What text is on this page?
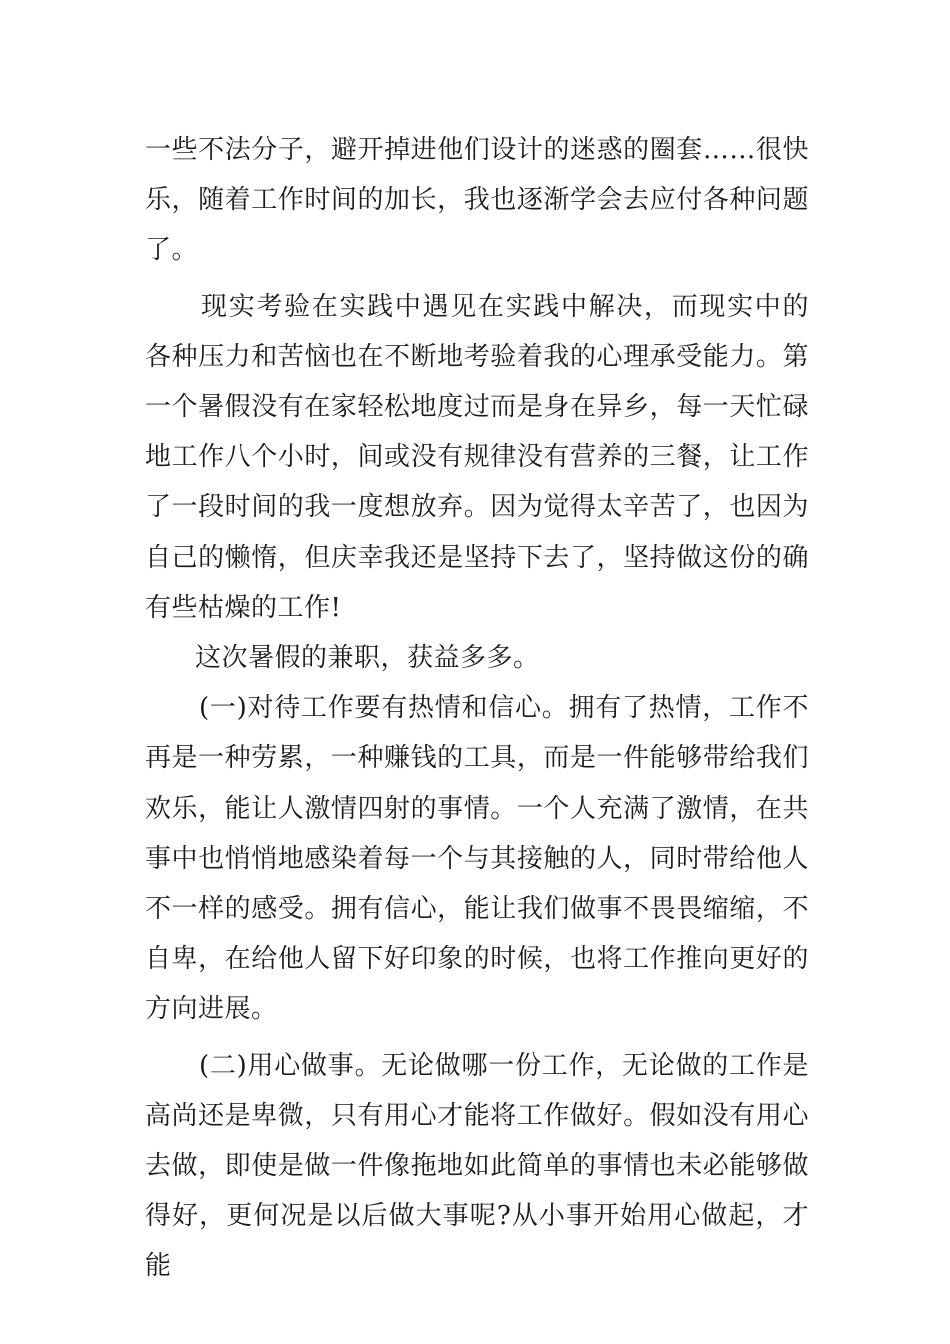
一些不法分子，避开掉进他们设计的迷惑的圈套……很快乐，随着工作时间的加长，我也逐渐学会去应付各种问题了。

现实考验在实践中遇见在实践中解决，而现实中的各种压力和苦恼也在不断地考验着我的心理承受能力。第一个暑假没有在家轻松地度过而是身在异乡，每一天忙碌地工作八个小时，间或没有规律没有营养的三餐，让工作了一段时间的我一度想放弃。因为觉得太辛苦了，也因为自己的懒惰，但庆幸我还是坚持下去了，坚持做这份的确有些枯燥的工作!

这次暑假的兼职，获益多多。

(一)对待工作要有热情和信心。拥有了热情，工作不再是一种劳累，一种赚钱的工具，而是一件能够带给我们欢乐，能让人激情四射的事情。一个人充满了激情，在共事中也悄悄地感染着每一个与其接触的人，同时带给他人不一样的感受。拥有信心，能让我们做事不畏畏缩缩，不自卑，在给他人留下好印象的时候，也将工作推向更好的方向进展。

(二)用心做事。无论做哪一份工作，无论做的工作是高尚还是卑微，只有用心才能将工作做好。假如没有用心去做，即使是做一件像拖地如此简单的事情也未必能够做得好，更何况是以后做大事呢?从小事开始用心做起，才能
